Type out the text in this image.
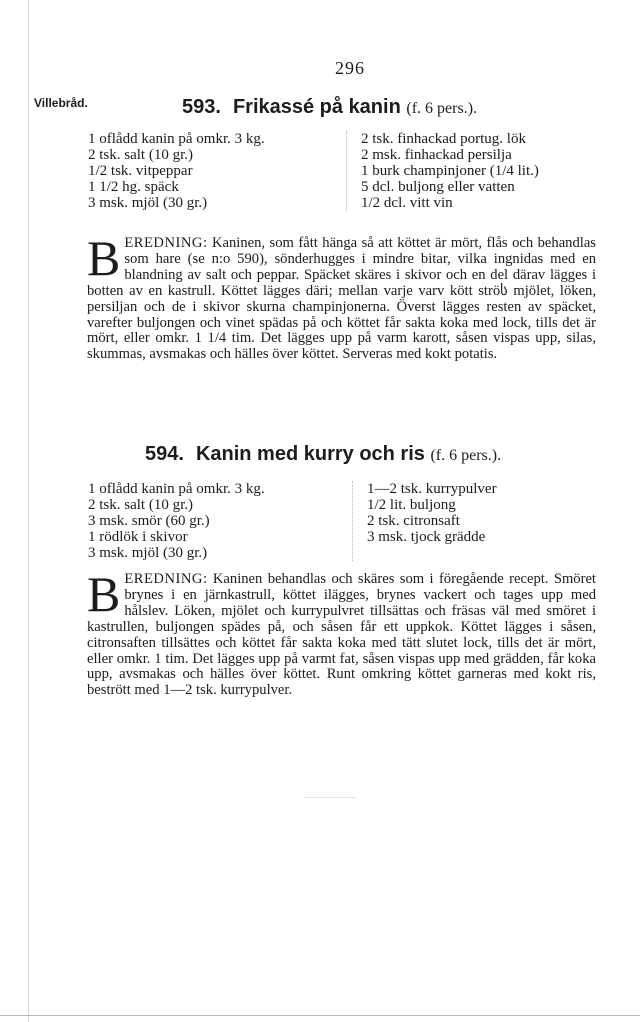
296
Villebråd.	593. Frikassé på kanin (f. 6 pers.).
1 oflådd kanin på omkr. 3 kg.
2 tsk. salt (10 gr.)
1/2 tsk. vitpeppar
1 1/2 hg. späck
3 msk. mjöl (30 gr.)
2 tsk. finhackad portug. lök
2 msk. finhackad persilja
1 burk champinjoner (1/4 lit.)
5 dcl. buljong eller vatten
1/2 dcl. vitt vin
BEREDNING: Kaninen, som fått hänga så att köttet är mört, flås och behandlas som hare (se n:o 590), sönderhugges i mindre bitar, vilka ingnidas med en blandning av salt och peppar. Späcket skäres i skivor och en del därav lägges i botten av en kastrull. Köttet lägges däri; mellan varje varv kött ströს mjölet, löken, persiljan och de i skivor skurna champinjonerna. Överst lägges resten av späcket, varefter buljongen och vinet spädas på och köttet får sakta koka med lock, tills det är mört, eller omkr. 1 1/4 tim. Det lägges upp på varm karott, såsen vispas upp, silas, skummas, avsmakas och hälles över köttet. Serveras med kokt potatis.
594. Kanin med kurry och ris (f. 6 pers.).
1 oflådd kanin på omkr. 3 kg.
2 tsk. salt (10 gr.)
3 msk. smör (60 gr.)
1 rödlök i skivor
3 msk. mjöl (30 gr.)
1—2 tsk. kurrypulver
1/2 lit. buljong
2 tsk. citronsaft
3 msk. tjock grädde
BEREDNING: Kaninen behandlas och skäres som i föregående recept. Smöret brynes i en järnkastrull, köttet ilägges, brynes vackert och tages upp med hålslev. Löken, mjölet och kurrypulvret tillsättas och fräsas väl med smöret i kastrullen, buljongen spädes på, och såsen får ett uppkok. Köttet lägges i såsen, citronsaften tillsättes och köttet får sakta koka med tätt slutet lock, tills det är mört, eller omkr. 1 tim. Det lägges upp på varmt fat, såsen vispas upp med grädden, får koka upp, avsmakas och hälles över köttet. Runt omkring köttet garneras med kokt ris, bestrött med 1—2 tsk. kurrypulver.
